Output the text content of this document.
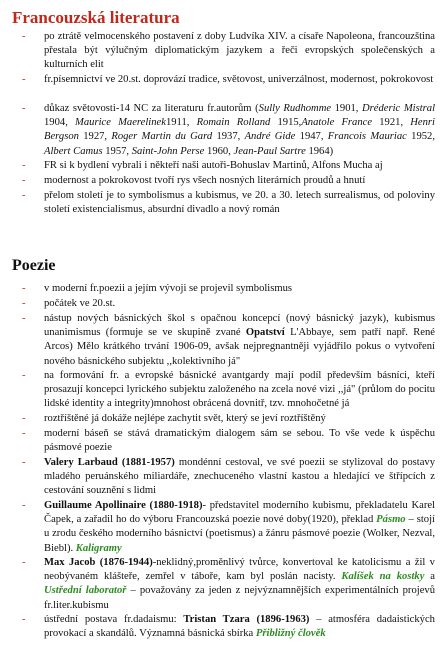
Francouzská literatura
- po ztrátě velmocenského postavení z doby Ludvíka XIV. a císaře Napoleona, francouzština přestala být výlučným diplomatickým jazykem a řeči evropských společenských a kulturních elit
- fr.písemnictví ve 20.st. doprovází tradice, světovost, univerzálnost, modernost, pokrokovost
- důkaz světovosti-14 NC za literaturu fr.autorům (Sully Rudhomme 1901, Dréderic Mistral 1904, Maurice Maerelinek1911, Romain Rolland 1915,Anatole France 1921, Henri Bergson 1927, Roger Martin du Gard 1937, André Gide 1947, Francois Mauriac 1952, Albert Camus 1957, Saint-John Perse 1960, Jean-Paul Sartre 1964)
- FR si k bydlení vybrali i někteří naši autoři-Bohuslav Martinů, Alfons Mucha aj
- modernost a pokrokovost tvoří rys všech nosných literárních proudů a hnutí
- přelom století je to symbolismus a kubismus, ve 20. a 30. letech surrealismus, od poloviny století existencialismus, absurdní divadlo a nový román
Poezie
- v moderní fr.poezii a jejím vývoji se projevil symbolismus
- počátek ve 20.st.
- nástup nových básnických škol s opačnou koncepcí (nový básnický jazyk), kubismus unanimismus (formuje se ve skupině zvané Opatství L'Abbaye, sem patří např. René Arcos) Mělo krátkého trvání 1906-09, avšak nejpregnantněji vyjádřilo pokus o vytvoření nového básnického subjektu ,,kolektivního já"
- na formování fr. a evropské básnické avantgardy mají podíl především básníci, kteří prosazují koncepci lyrického subjektu založeného na zcela nové vizi ,,já" (průlom do pocitu lidské identity a integrity)mnohost obrácená dovnitř, tzv. mnohočetné já
- roztříštěné já dokáže nejlépe zachytit svět, který se jeví roztříštěný
- moderní báseň se stává dramatickým dialogem sám se sebou. To vše vede k úspěchu pásmové poezie
- Valery Larbaud (1881-1957) mondénní cestoval, ve své poezii se stylizoval do postavy mladého peruánského miliardáře, znechuceného vlastní kastou a hledající ve štřípcích z cestování souznění s lidmi
- Guillaume Apollinaire (1880-1918)- představitel moderního kubismu, překladatelu Karel Čapek, a zařadil ho do výboru Francouzská poezie nové doby(1920), překlad Pásmo – stojí u zrodu českého moderního básnictví (poetismus) a žánru pásmové poezie (Wolker, Nezval, Biebl). Kaligramy
- Max Jacob (1876-1944)-neklidný,proměnlivý tvůrce, konvertoval ke katolicismu a žil v neobývaném klášteře, zemřel v táboře, kam byl poslán nacisty. Kalíšek na kostky a Ustřední laboratoř – považovány za jeden z nejvýznamnějších experimentálních projevů fr.liter.kubismu
- ústřední postava fr.dadaismu: Tristan Tzara (1896-1963) – atmosféra dadaistických provokací a skandálů. Významná básnická sbírka Přibližný člověk
